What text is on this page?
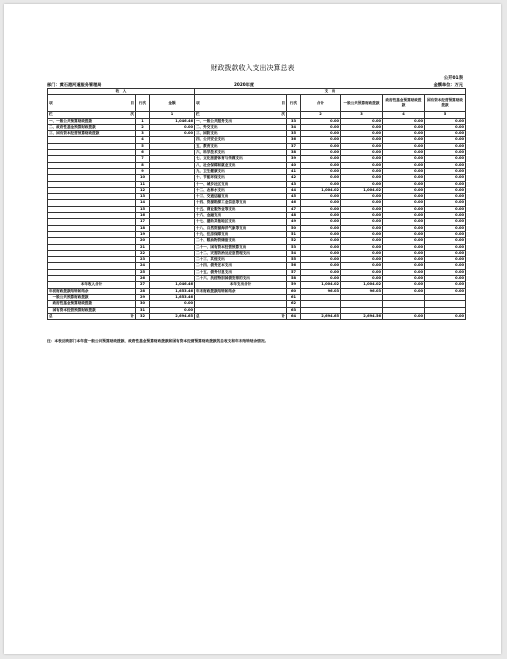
财政拨款收入支出决算总表
公开01表
部门：黄石港河道服务管理局	2020年度	金额单位：万元
收　入			支　出					
项 目	行次	金额	项 目	行次	合计	一般公共预算财政拨款	政府性基金预算财政拨款	国有资本经营预算财政拨款
栏 次		1	栏 次		2	3	4	5
一、一般公共预算财政拨款	1	1,046.46	一、一般公共服务支出	33	0.00	0.00	0.00	0.00
二、政府性基金预算财政拨款	2	0.00	二、外交支出	34	0.00	0.00	0.00	0.00
三、国有资本经营预算财政拨款	3	0.00	三、国防支出	35	0.00	0.00	0.00	0.00
	4		四、公共安全支出	36	0.00	0.00	0.00	0.00
	5		五、教育支出	37	0.00	0.00	0.00	0.00
	6		六、科学技术支出	38	0.00	0.00	0.00	0.00
	7		七、文化旅游体育与传媒支出	39	0.00	0.00	0.00	0.00
	8		八、社会保障和就业支出	40	0.00	0.00	0.00	0.00
	9		九、卫生健康支出	41	0.00	0.00	0.00	0.00
	10		十、节能环保支出	42	0.00	0.00	0.00	0.00
	11		十一、城乡社区支出	43	0.00	0.00	0.00	0.00
	12		十二、农林水支出	44	1,004.02	1,004.02	0.00	0.00
	13		十三、交通运输支出	45	0.00	0.00	0.00	0.00
	14		十四、资源勘探工业信息等支出	46	0.00	0.00	0.00	0.00
	15		十五、商业服务业等支出	47	0.00	0.00	0.00	0.00
	16		十六、金融支出	48	0.00	0.00	0.00	0.00
	17		十七、援助其他地区支出	49	0.00	0.00	0.00	0.00
	18		十八、自然资源海洋气象等支出	50	0.00	0.00	0.00	0.00
	19		十九、住房保障支出	51	0.00	0.00	0.00	0.00
	20		二十、粮油物资储备支出	52	0.00	0.00	0.00	0.00
	21		二十一、国有资本经营预算支出	53	0.00	0.00	0.00	0.00
	22		二十二、灾害防治及应急管理支出	54	0.00	0.00	0.00	0.00
	23		二十三、其他支出	55	0.00	0.00	0.00	0.00
	24		二十四、债务还本支出	56	0.00	0.00	0.00	0.00
	25		二十五、债务付息支出	57	0.00	0.00	0.00	0.00
	26		二十六、抗疫特别国债安排的支出	58	0.00	0.00	0.00	0.00
本年收入合计	27	1,046.46	本年支出合计	59	1,004.02	1,004.02	0.00	0.00
年初财政拨款结转和结余	28	1,653.46	年末财政拨款结转和结余	60	96.03	96.03	0.00	0.00
　一般公共预算财政拨款	29	1,653.46		61				
　政府性基金预算财政拨款	30	0.00		62				
　国有资本经营预算财政拨款	31	0.00		63				
总 计	32	2,694.65	总 计	64	2,694.65	2,694.56	0.00	0.00
注：本表反映部门本年度一般公共预算财政拨款、政府性基金预算财政拨款和国有资本经营预算财政拨款的总收支和年末结转结余情况。
